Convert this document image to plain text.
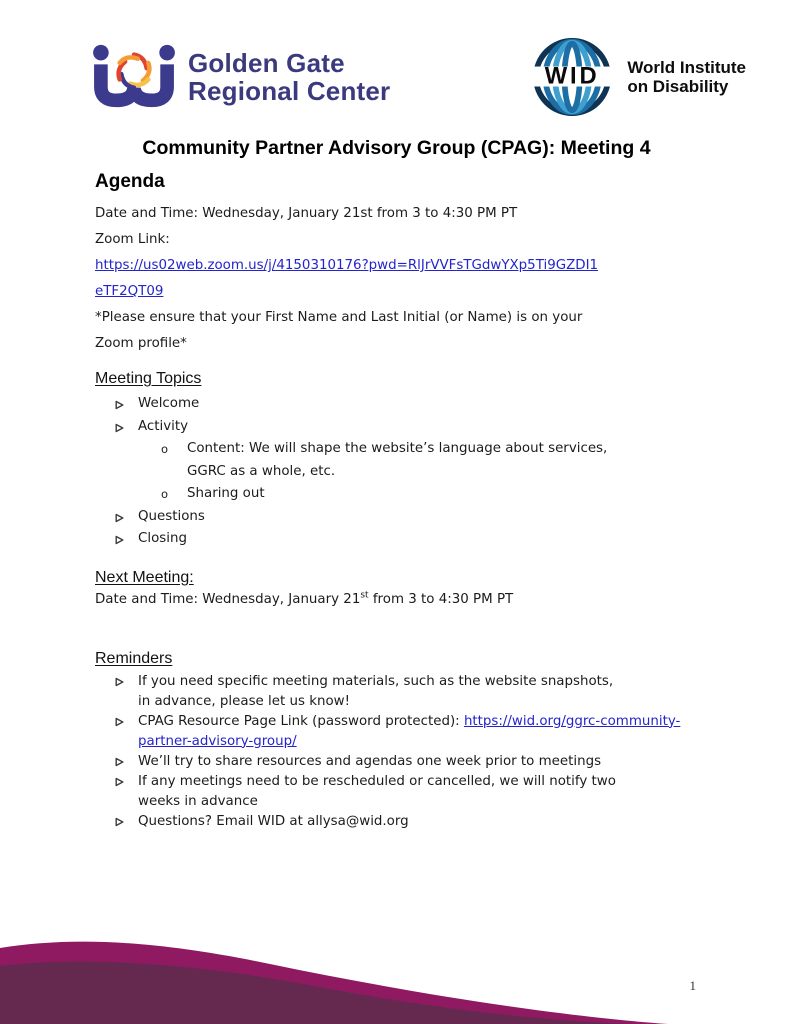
Golden Gate
Regional Center	WID World Institute
on Disability
Community Partner Advisory Group (CPAG): Meeting 4
Agenda
Date and Time: Wednesday, January 21st from 3 to 4:30 PM PT
Zoom Link:
https://us02web.zoom.us/j/4150310176?pwd=RlJrVVFsTGdwYXp5Ti9GZDI1
eTF2QT09
*Please ensure that your First Name and Last Initial (or Name) is on your
Zoom profile*
Meeting Topics
Welcome
Activity
o Content: We will shape the website’s language about services,
GGRC as a whole, etc.
o Sharing out
Questions
Closing
Next Meeting:
Date and Time: Wednesday, January 21st from 3 to 4:30 PM PT
Reminders
If you need specific meeting materials, such as the website snapshots,
in advance, please let us know!
CPAG Resource Page Link (password protected): https://wid.org/ggrc-community-partner-advisory-group/
We’ll try to share resources and agendas one week prior to meetings
If any meetings need to be rescheduled or cancelled, we will notify two
weeks in advance
Questions? Email WID at allysa@wid.org
1
